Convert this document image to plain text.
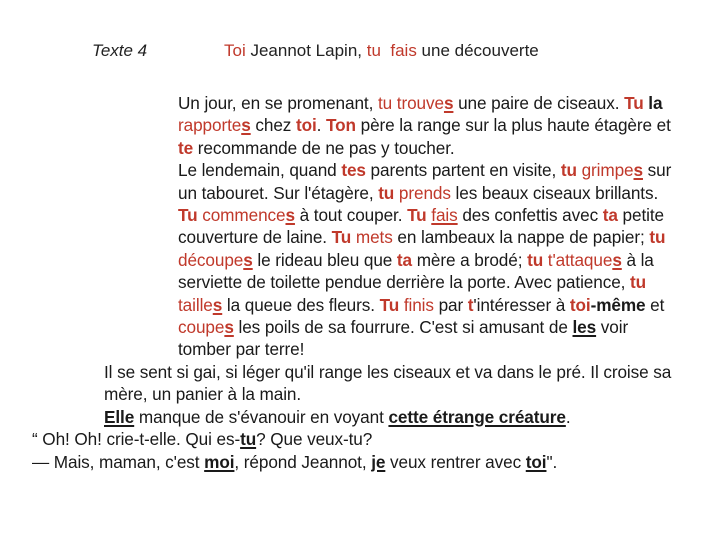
Texte 4	Toi Jeannot Lapin, tu fais une découverte

Un jour, en se promenant, tu trouves une paire de ciseaux. Tu la rapportes chez toi. Ton père la range sur la plus haute étagère et te recommande de ne pas y toucher.

Le lendemain, quand tes parents partent en visite, tu grimpes sur un tabouret. Sur l'étagère, tu prends les beaux ciseaux brillants.

Tu commences à tout couper. Tu fais des confettis avec ta petite couverture de laine. Tu mets en lambeaux la nappe de papier; tu découpes le rideau bleu que ta mère a brodé; tu t'attaques à la serviette de toilette pendue derrière la porte. Avec patience, tu tailles la queue des fleurs. Tu finis par t'intéresser à toi-même et coupes les poils de sa fourrure. C'est si amusant de les voir tomber par terre!

Il se sent si gai, si léger qu'il range les ciseaux et va dans le pré. Il croise sa mère, un panier à la main.

Elle manque de s'évanouir en voyant cette étrange créature.

“ Oh! Oh! crie-t-elle. Qui es-tu? Que veux-tu?

— Mais, maman, c'est moi, répond Jeannot, je veux rentrer avec toi".
